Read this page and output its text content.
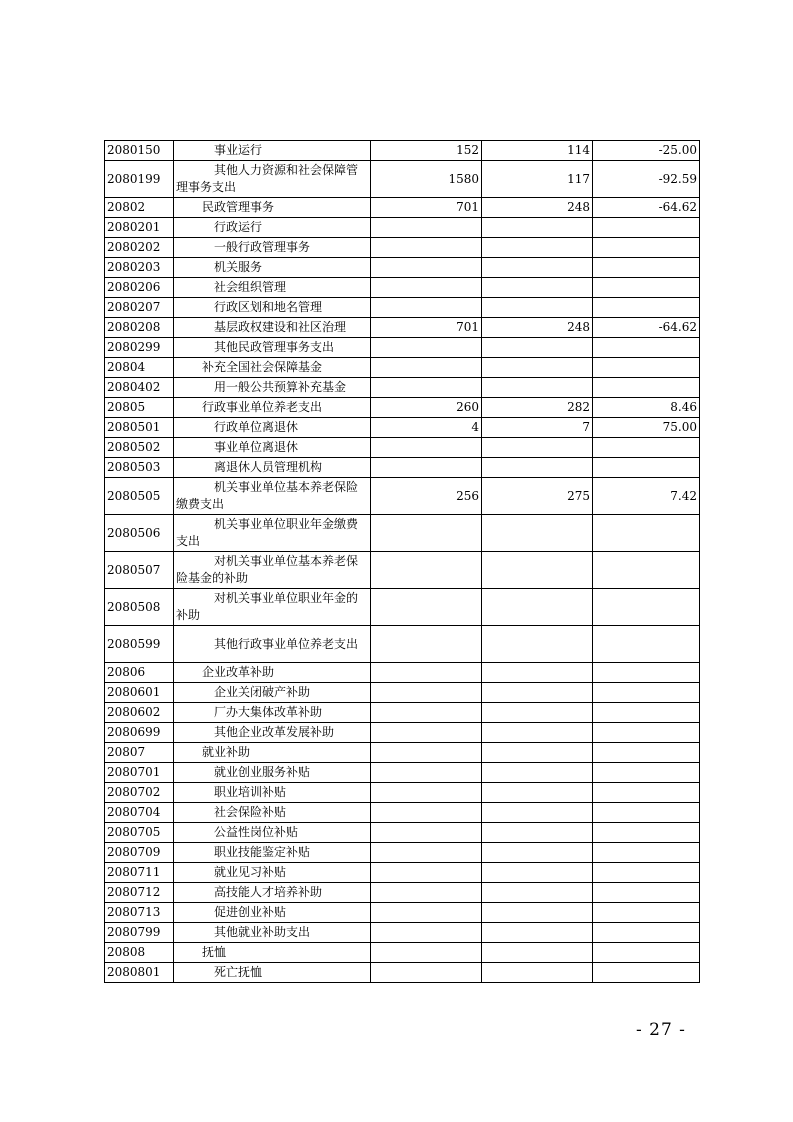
2080150	事业运行	152	114	-25.00
2080199	其他人力资源和社会保障管理事务支出	1580	117	-92.59
20802	民政管理事务	701	248	-64.62
2080201	行政运行			

2080202	一般行政管理事务			

2080203	机关服务			

2080206	社会组织管理			

2080207	行政区划和地名管理			

2080208	基层政权建设和社区治理	701	248	-64.62
2080299	其他民政管理事务支出			

20804	补充全国社会保障基金			

2080402	用一般公共预算补充基金			

20805	行政事业单位养老支出	260	282	8.46
2080501	行政单位离退休	4	7	75.00
2080502	事业单位离退休			

2080503	离退休人员管理机构			

2080505	机关事业单位基本养老保险缴费支出	256	275	7.42
2080506	机关事业单位职业年金缴费支出			

2080507	对机关事业单位基本养老保险基金的补助			

2080508	对机关事业单位职业年金的补助			

2080599	其他行政事业单位养老支出			

20806	企业改革补助			

2080601	企业关闭破产补助			

2080602	厂办大集体改革补助			

2080699	其他企业改革发展补助			

20807	就业补助			

2080701	就业创业服务补贴			

2080702	职业培训补贴			

2080704	社会保险补贴			

2080705	公益性岗位补贴			

2080709	职业技能鉴定补贴			

2080711	就业见习补贴			

2080712	高技能人才培养补助			

2080713	促进创业补贴			

2080799	其他就业补助支出			

20808	抚恤			

2080801	死亡抚恤			

- 27 -
